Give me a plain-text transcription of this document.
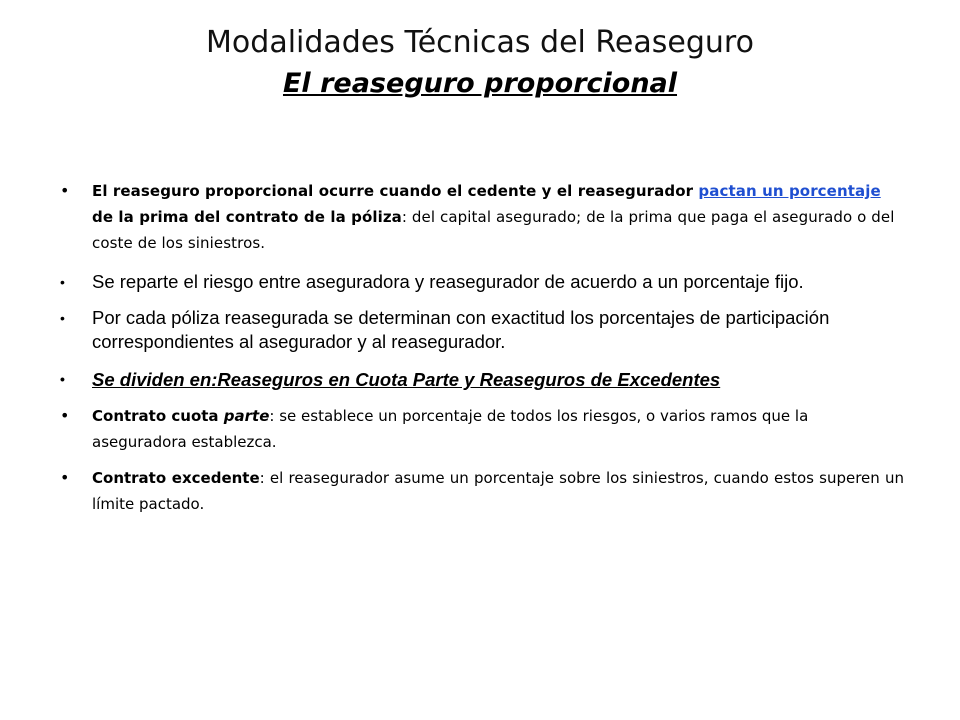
Modalidades Técnicas del Reaseguro
El reaseguro proporcional
• El reaseguro proporcional ocurre cuando el cedente y el reasegurador pactan un porcentaje de la prima del contrato de la póliza: del capital asegurado; de la prima que paga el asegurado o del coste de los siniestros.
• Se reparte el riesgo entre aseguradora y reasegurador de acuerdo a un porcentaje fijo.
• Por cada póliza reasegurada se determinan con exactitud los porcentajes de participación correspondientes al asegurador y al reasegurador.
• Se dividen en:Reaseguros en Cuota Parte y Reaseguros de Excedentes
• Contrato cuota parte: se establece un porcentaje de todos los riesgos, o varios ramos que la aseguradora establezca.
• Contrato excedente: el reasegurador asume un porcentaje sobre los siniestros, cuando estos superen un límite pactado.
